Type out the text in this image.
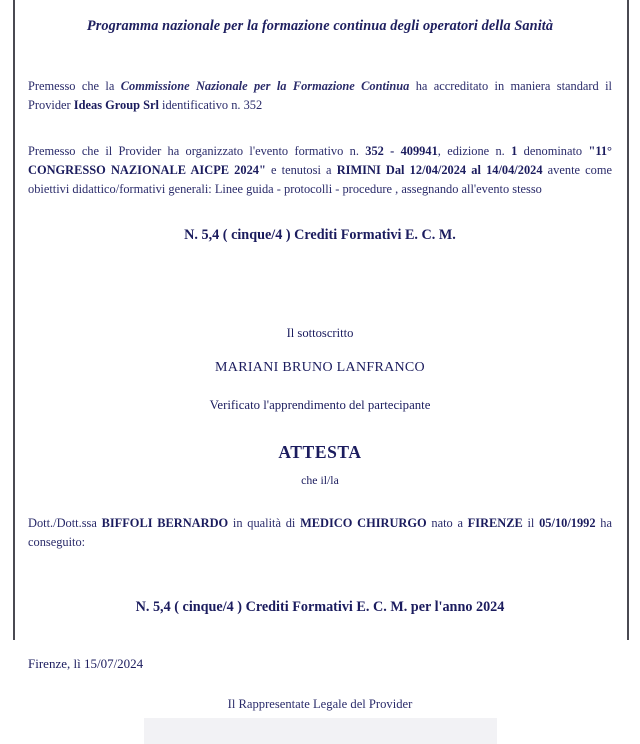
Programma nazionale per la formazione continua degli operatori della Sanità

Premesso che la Commissione Nazionale per la Formazione Continua ha accreditato in maniera standard il Provider Ideas Group Srl identificativo n. 352

Premesso che il Provider ha organizzato l'evento formativo n. 352 - 409941, edizione n. 1 denominato "11° CONGRESSO NAZIONALE AICPE 2024" e tenutosi a RIMINI Dal 12/04/2024 al 14/04/2024 avente come obiettivi didattico/formativi generali: Linee guida - protocolli - procedure , assegnando all'evento stesso

N. 5,4 ( cinque/4 ) Crediti Formativi E. C. M.
Il sottoscritto
MARIANI BRUNO LANFRANCO
Verificato l'apprendimento del partecipante
ATTESTA
che il/la

Dott./Dott.ssa BIFFOLI BERNARDO in qualità di MEDICO CHIRURGO nato a FIRENZE il 05/10/1992 ha conseguito:

N. 5,4 ( cinque/4 ) Crediti Formativi E. C. M. per l'anno 2024
Firenze, lì 15/07/2024
Il Rappresentate Legale del Provider
